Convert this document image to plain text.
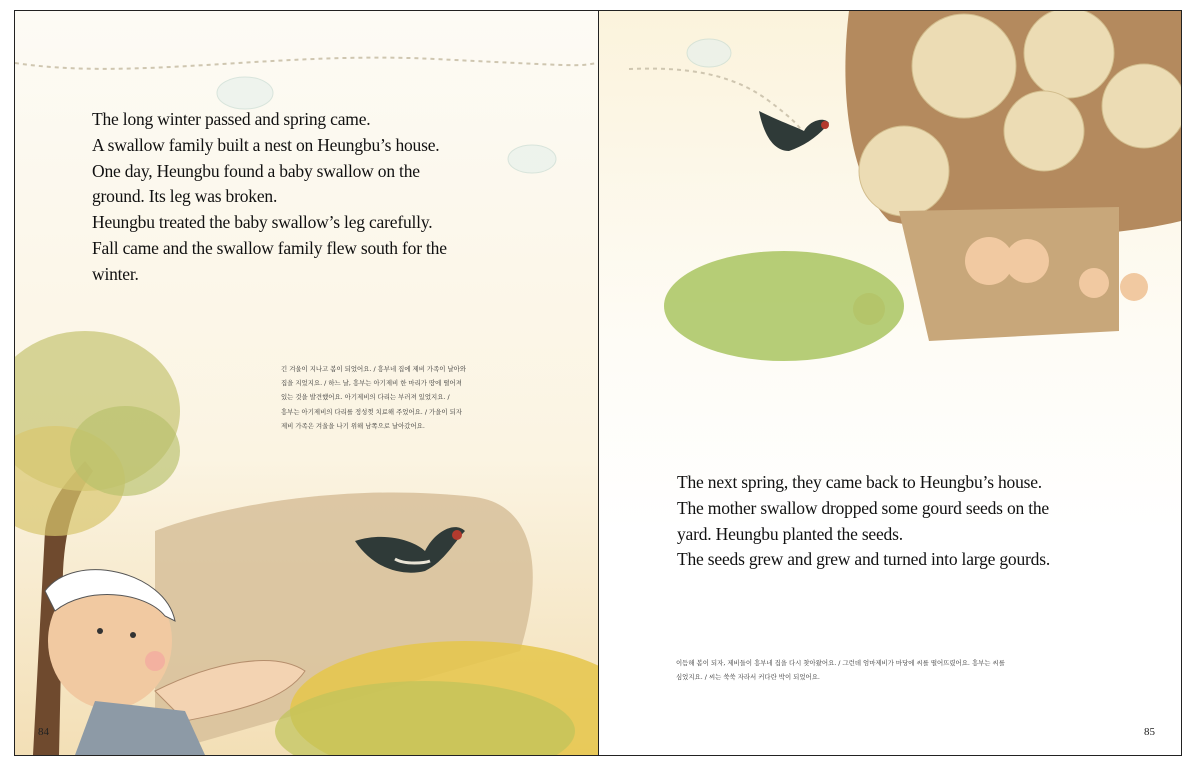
The long winter passed and spring came.
A swallow family built a nest on Heungbu’s house.
One day, Heungbu found a baby swallow on the
ground. Its leg was broken.
Heungbu treated the baby swallow’s leg carefully.
Fall came and the swallow family flew south for the
winter.

긴 겨울이 지나고 봄이 되었어요. / 흥부네 집에 제비 가족이 날아와
집을 지었지요. / 하느 날, 흥부는 아기제비 한 마리가 땅에 떨어져
있는 것을 발견했어요. 아기제비의 다리는 부러져 있었지요. /
흥부는 아기제비의 다리를 정성껏 치료해 주었어요. / 가을이 되자
제비 가족은 겨울을 나기 위해 남쪽으로 날아갔어요.

84

The next spring, they came back to Heungbu’s house.
The mother swallow dropped some gourd seeds on the
yard. Heungbu planted the seeds.
The seeds grew and grew and turned into large gourds.

이듬해 봄이 되자, 제비들이 흥부네 집을 다시 찾아왔어요. / 그런데 엄마제비가 마당에 씨를 떨어뜨렸어요. 흥부는 씨를
심었지요. / 씨는 쑥쑥 자라서 커다란 박이 되었어요.

85
